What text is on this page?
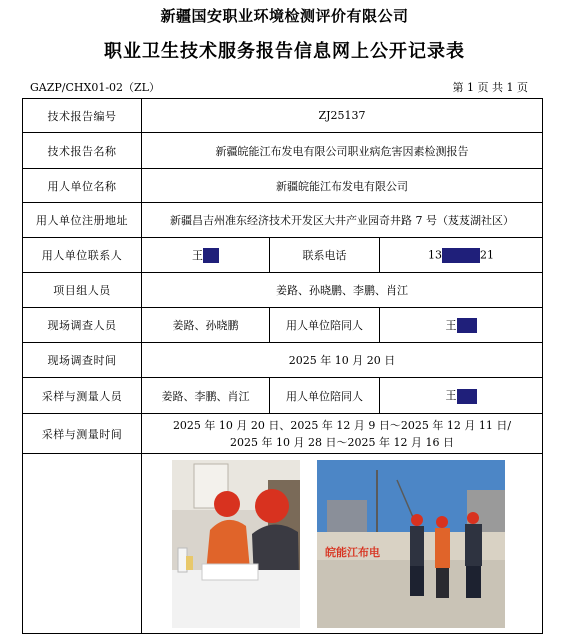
新疆国安职业环境检测评价有限公司
职业卫生技术服务报告信息网上公开记录表
GAZP/CHX01-02（ZL）	第 1 页 共 1 页
技术报告编号	ZJ25137		
技术报告名称	新疆皖能江布发电有限公司职业病危害因素检测报告		
用人单位名称	新疆皖能江布发电有限公司		
用人单位注册地址	新疆昌吉州准东经济技术开发区大井产业园奇井路 7 号（芨芨湖社区）		
用人单位联系人	王	联系电话	13 21
项目组人员	姜路、孙晓鹏、李鹏、肖江		
现场调查人员	姜路、孙晓鹏	用人单位陪同人	王
现场调查时间	2025 年 10 月 20 日		
采样与测量人员	姜路、李鹏、肖江	用人单位陪同人	王
采样与测量时间	2025 年 10 月 20 日、2025 年 12 月 9 日～2025 年 12 月 11 日/
2025 年 10 月 28 日～2025 年 12 月 16 日		

皖能江布电		
